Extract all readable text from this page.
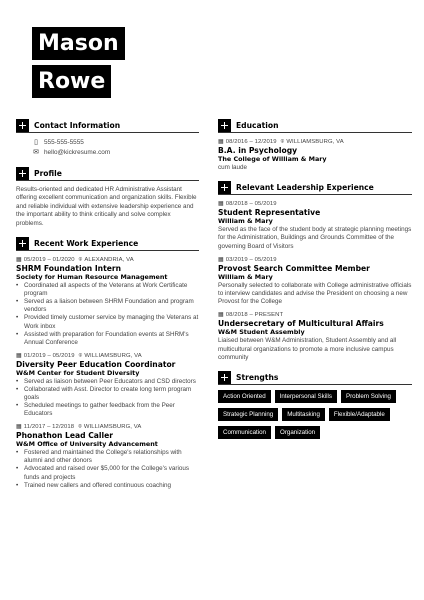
Mason
Rowe
Contact Information
▯ 555-555-5555
✉ hello@kickresume.com
Profile

Results-oriented and dedicated HR Administrative Assistant offering excellent communication and organization skills. Flexible and reliable individual with extensive leadership experience and the important ability to think critically and solve complex problems.

Recent Work Experience
▦ 05/2019 – 01/2020 ⌾ ALEXANDRIA, VA
SHRM Foundation Intern
Society for Human Resource Management
• Coordinated all aspects of the Veterans at Work Certificate program
• Served as a liaison between SHRM Foundation and program vendors
• Provided timely customer service by managing the Veterans at Work inbox
• Assisted with preparation for Foundation events at SHRM's Annual Conference
▦ 01/2019 – 05/2019 ⌾ WILLIAMSBURG, VA
Diversity Peer Education Coordinator
W&M Center for Student Diversity
• Served as liaison between Peer Educators and CSD directors
• Collaborated with Asst. Director to create long term program goals
• Scheduled meetings to gather feedback from the Peer Educators
▦ 11/2017 – 12/2018 ⌾ WILLIAMSBURG, VA
Phonathon Lead Caller
W&M Office of University Advancement
• Fostered and maintained the College's relationships with alumni and other donors
• Advocated and raised over $5,000 for the College's various funds and projects
• Trained new callers and offered continuous coaching
Education
▦ 08/2016 – 12/2019 ⌾ WILLIAMSBURG, VA
B.A. in Psychology
The College of William & Mary
cum laude
Relevant Leadership Experience
▦ 08/2018 – 05/2019
Student Representative
William & Mary
Served as the face of the student body at strategic planning meetings for the Administration, Buildings and Grounds Committee of the governing Board of Visitors
▦ 03/2019 – 05/2019
Provost Search Committee Member
William & Mary
Personally selected to collaborate with College administrative officials to interview candidates and advise the President on choosing a new Provost for the College
▦ 08/2018 – PRESENT
Undersecretary of Multicultural Affairs
W&M Student Assembly
Liaised between W&M Administration, Student Assembly and all multicultural organizations to promote a more inclusive campus community
Strengths
Action Oriented	Interpersonal Skills	Problem Solving
Strategic Planning	Multitasking	Flexible/Adaptable
Communication	Organization
